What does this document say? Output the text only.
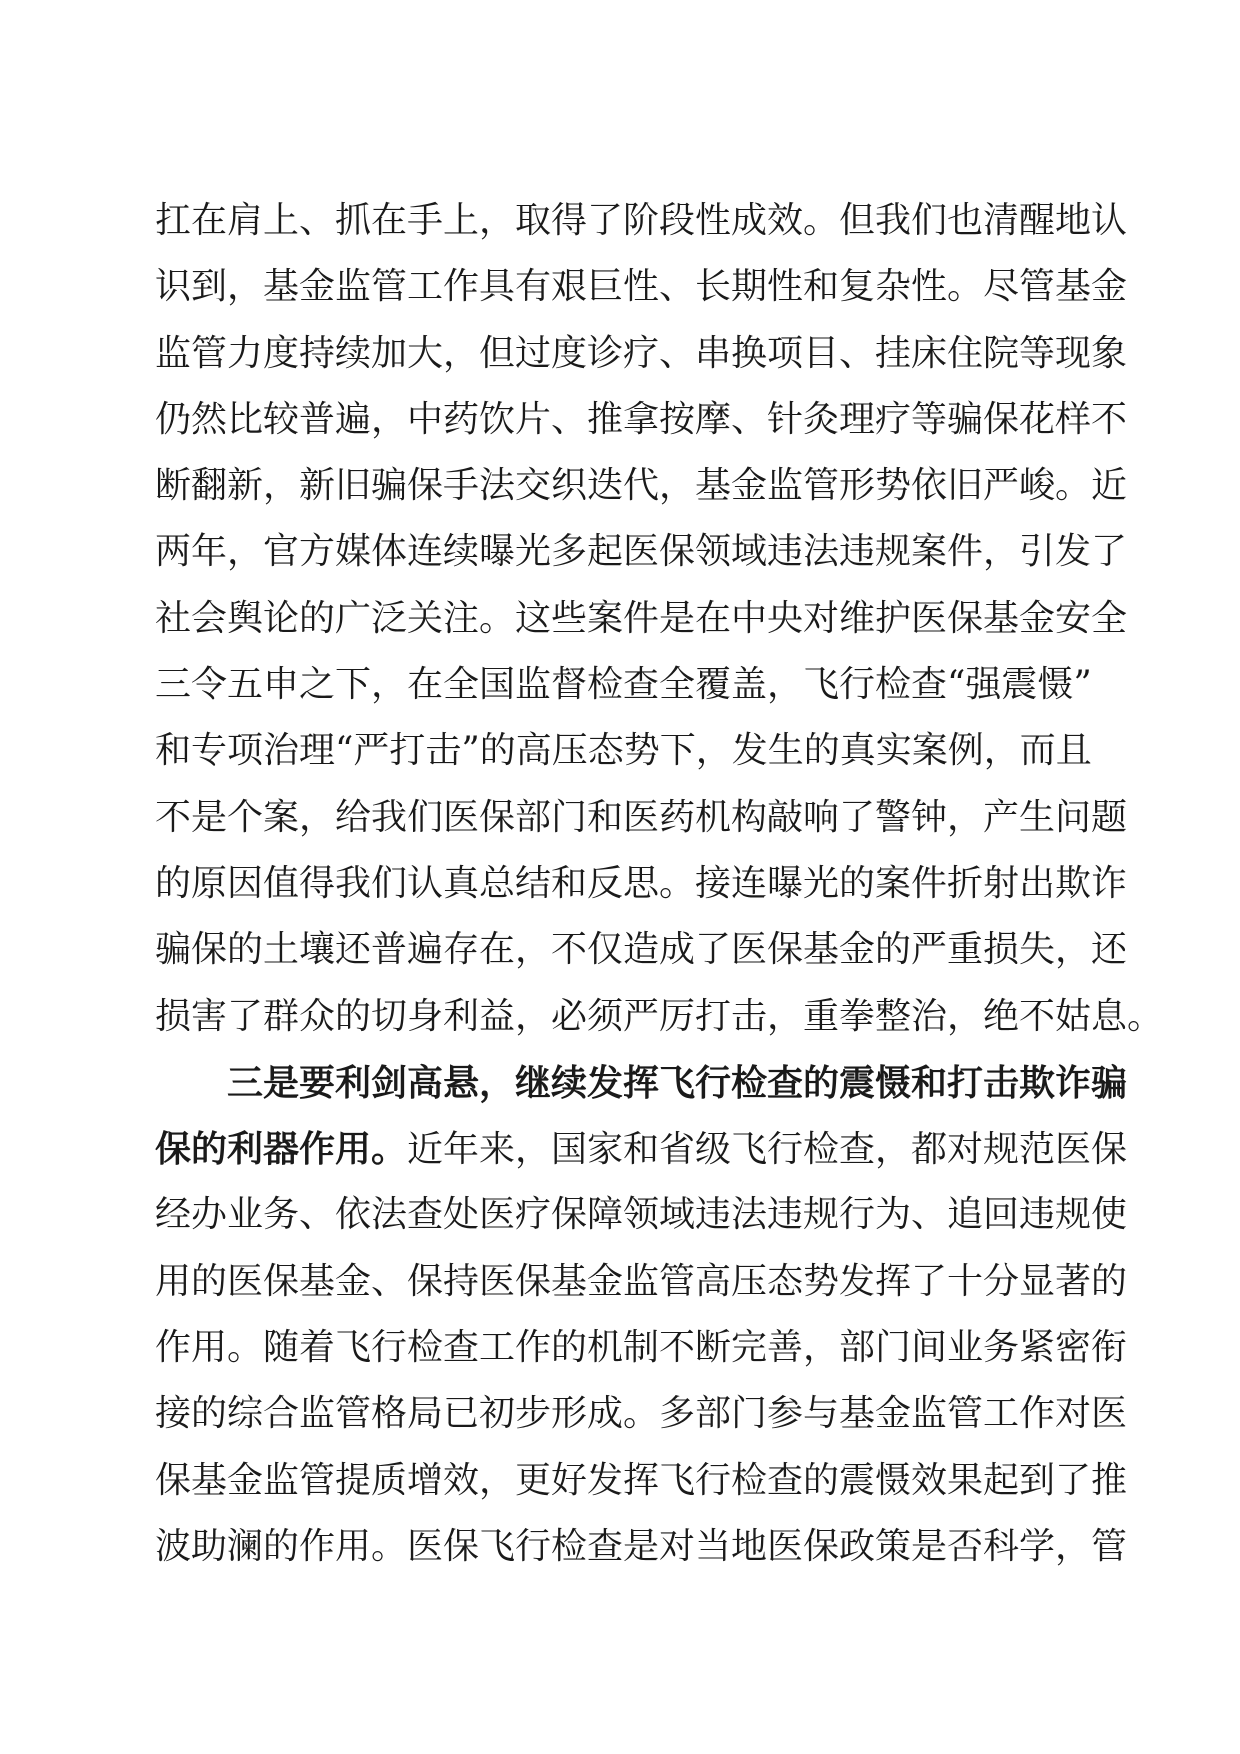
扛在肩上、抓在手上，取得了阶段性成效。但我们也清醒地认
识到，基金监管工作具有艰巨性、长期性和复杂性。尽管基金
监管力度持续加大，但过度诊疗、串换项目、挂床住院等现象
仍然比较普遍，中药饮片、推拿按摩、针灸理疗等骗保花样不
断翻新，新旧骗保手法交织迭代，基金监管形势依旧严峻。近
两年，官方媒体连续曝光多起医保领域违法违规案件，引发了
社会舆论的广泛关注。这些案件是在中央对维护医保基金安全
三令五申之下，在全国监督检查全覆盖，飞行检查“强震慑”
和专项治理“严打击”的高压态势下，发生的真实案例，而且
不是个案，给我们医保部门和医药机构敲响了警钟，产生问题
的原因值得我们认真总结和反思。接连曝光的案件折射出欺诈
骗保的土壤还普遍存在，不仅造成了医保基金的严重损失，还
损害了群众的切身利益，必须严厉打击，重拳整治，绝不姑息。
三是要利剑高悬，继续发挥飞行检查的震慑和打击欺诈骗
保的利器作用。近年来，国家和省级飞行检查，都对规范医保
经办业务、依法查处医疗保障领域违法违规行为、追回违规使
用的医保基金、保持医保基金监管高压态势发挥了十分显著的
作用。随着飞行检查工作的机制不断完善，部门间业务紧密衔
接的综合监管格局已初步形成。多部门参与基金监管工作对医
保基金监管提质增效，更好发挥飞行检查的震慑效果起到了推
波助澜的作用。医保飞行检查是对当地医保政策是否科学，管
